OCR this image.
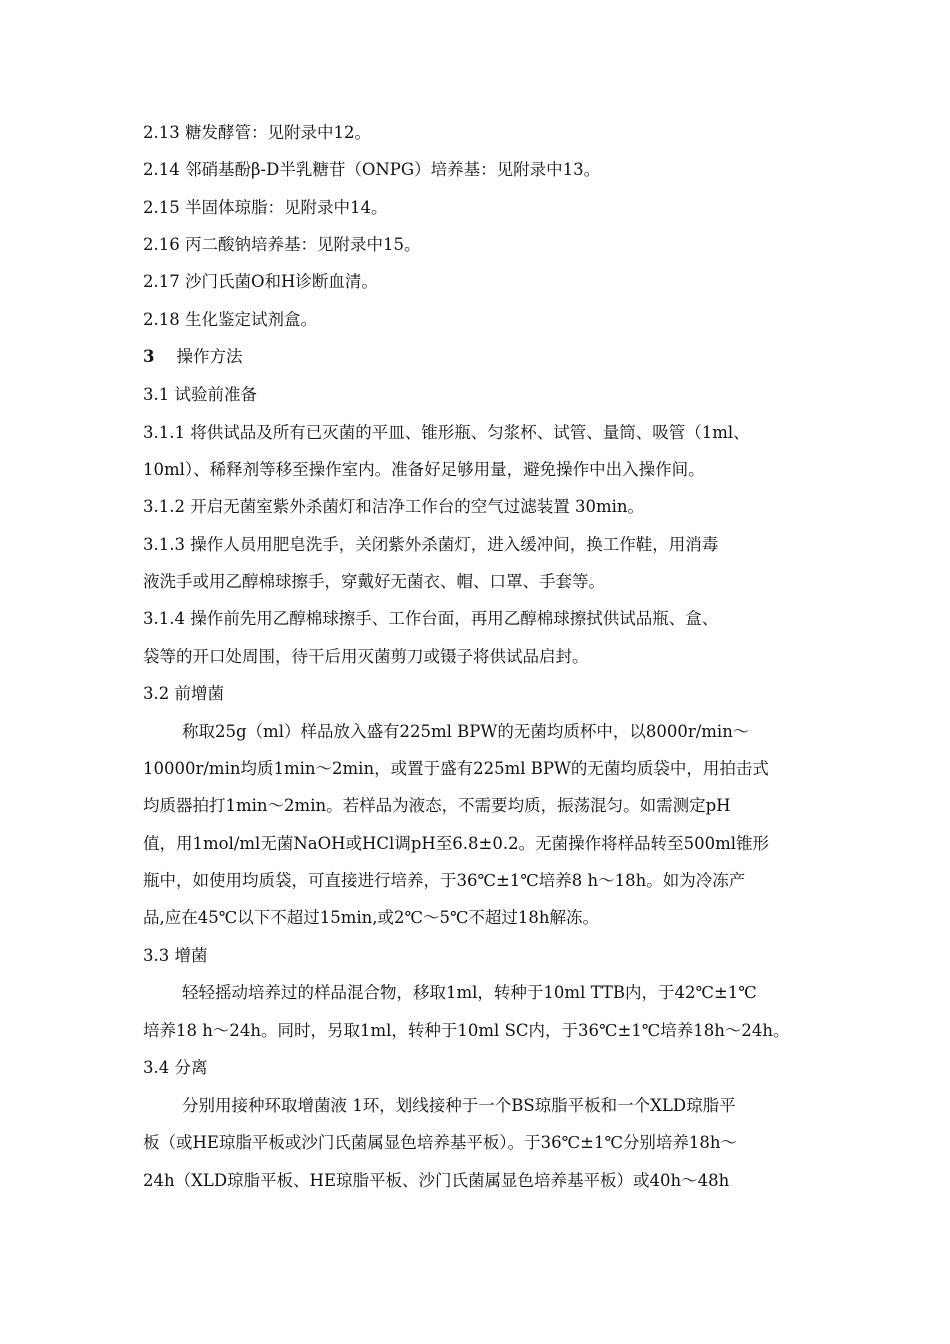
2.13 糖发酵管：见附录中12。
2.14 邻硝基酚β-D半乳糖苷（ONPG）培养基：见附录中13。
2.15 半固体琼脂：见附录中14。
2.16 丙二酸钠培养基：见附录中15。
2.17 沙门氏菌O和H诊断血清。
2.18 生化鉴定试剂盒。
3 操作方法
3.1 试验前准备
3.1.1 将供试品及所有已灭菌的平皿、锥形瓶、匀浆杯、试管、量筒、吸管（1ml、
10ml）、稀释剂等移至操作室内。准备好足够用量，避免操作中出入操作间。
3.1.2 开启无菌室紫外杀菌灯和洁净工作台的空气过滤装置 30min。
3.1.3 操作人员用肥皂洗手，关闭紫外杀菌灯，进入缓冲间，换工作鞋，用消毒
液洗手或用乙醇棉球擦手，穿戴好无菌衣、帽、口罩、手套等。
3.1.4 操作前先用乙醇棉球擦手、工作台面，再用乙醇棉球擦拭供试品瓶、盒、
袋等的开口处周围，待干后用灭菌剪刀或镊子将供试品启封。
3.2 前增菌
称取25g（ml）样品放入盛有225ml BPW的无菌均质杯中，以8000r/min～
10000r/min均质1min～2min，或置于盛有225ml BPW的无菌均质袋中，用拍击式
均质器拍打1min～2min。若样品为液态，不需要均质，振荡混匀。如需测定pH
值，用1mol/ml无菌NaOH或HCl调pH至6.8±0.2。无菌操作将样品转至500ml锥形
瓶中，如使用均质袋，可直接进行培养，于36℃±1℃培养8 h～18h。如为冷冻产
品,应在45℃以下不超过15min,或2℃～5℃不超过18h解冻。
3.3 增菌
轻轻摇动培养过的样品混合物，移取1ml，转种于10ml TTB内，于42℃±1℃
培养18 h～24h。同时，另取1ml，转种于10ml SC内，于36℃±1℃培养18h～24h。
3.4 分离
分别用接种环取增菌液 1环，划线接种于一个BS琼脂平板和一个XLD琼脂平
板（或HE琼脂平板或沙门氏菌属显色培养基平板）。于36℃±1℃分别培养18h～
24h（XLD琼脂平板、HE琼脂平板、沙门氏菌属显色培养基平板）或40h～48h
